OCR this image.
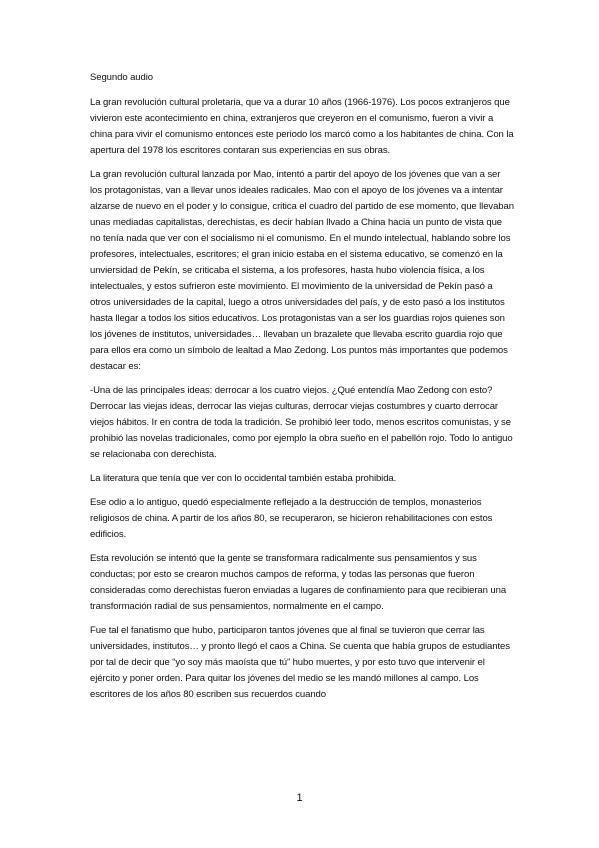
Segundo audio

La gran revolución cultural proletaria, que va a durar 10 años (1966-1976). Los pocos extranjeros que vivieron este acontecimiento en china, extranjeros que creyeron en el comunismo, fueron a vivir a china para vivir el comunismo entonces este periodo los marcó como a los habitantes de china. Con la apertura del 1978 los escritores contaran sus experiencias en sus obras.

La gran revolución cultural lanzada por Mao, intentó a partir del apoyo de los jóvenes que van a ser los protagonistas, van a llevar unos ideales radicales. Mao con el apoyo de los jóvenes va a intentar alzarse de nuevo en el poder y lo consigue, critica el cuadro del partido de ese momento, que llevaban unas mediadas capitalistas, derechistas, es decir habían llvado a China hacia un punto de vista que no tenía nada que ver con el socialismo ni el comunismo. En el mundo intelectual, hablando sobre los profesores, intelectuales, escritores; el gran inicio estaba en el sistema educativo, se comenzó en la unviersidad de Pekín, se criticaba el sistema, a los profesores, hasta hubo violencia física, a los intelectuales, y estos sufrieron este movimiento. El movimiento de la universidad de Pekín pasó a otros universidades de la capital, luego a otros universidades del país, y de esto pasó a los institutos hasta llegar a todos los sitios educativos. Los protagonistas van a ser los guardias rojos quienes son los jóvenes de institutos, universidades… llevaban un brazalete que llevaba escrito guardia rojo que para ellos era como un símbolo de lealtad a Mao Zedong. Los puntos más importantes que podemos destacar es:

-Una de las principales ideas: derrocar a los cuatro viejos. ¿Qué entendía Mao Zedong con esto? Derrocar las viejas ideas, derrocar las viejas culturas, derrocar viejas costumbres y cuarto derrocar viejos hábitos. Ir en contra de toda la tradición. Se prohibió leer todo, menos escritos comunistas, y se prohibió las novelas tradicionales, como por ejemplo la obra sueño en el pabellón rojo. Todo lo antiguo se relacionaba con derechista.

La literatura que tenía que ver con lo occidental también estaba prohibida.

Ese odio a lo antiguo, quedó especialmente reflejado a la destrucción de templos, monasterios religiosos de china. A partir de los años 80, se recuperaron, se hicieron rehabilitaciones con estos edificios.

Esta revolución se intentó que la gente se transformara radicalmente sus pensamientos y sus conductas; por esto se crearon muchos campos de reforma, y todas las personas que fueron consideradas como derechistas fueron enviadas a lugares de confinamiento para que recibieran una transformación radial de sus pensamientos, normalmente en el campo.

Fue tal el fanatismo que hubo, participaron tantos jóvenes que al final se tuvieron que cerrar las universidades, institutos… y pronto llegó el caos a China. Se cuenta que había grupos de estudiantes por tal de decir que “yo soy más maoísta que tú” hubo muertes, y por esto tuvo que intervenir el ejército y poner orden. Para quitar los jóvenes del medio se les mandó millones al campo. Los escritores de los años 80 escriben sus recuerdos cuando

1
